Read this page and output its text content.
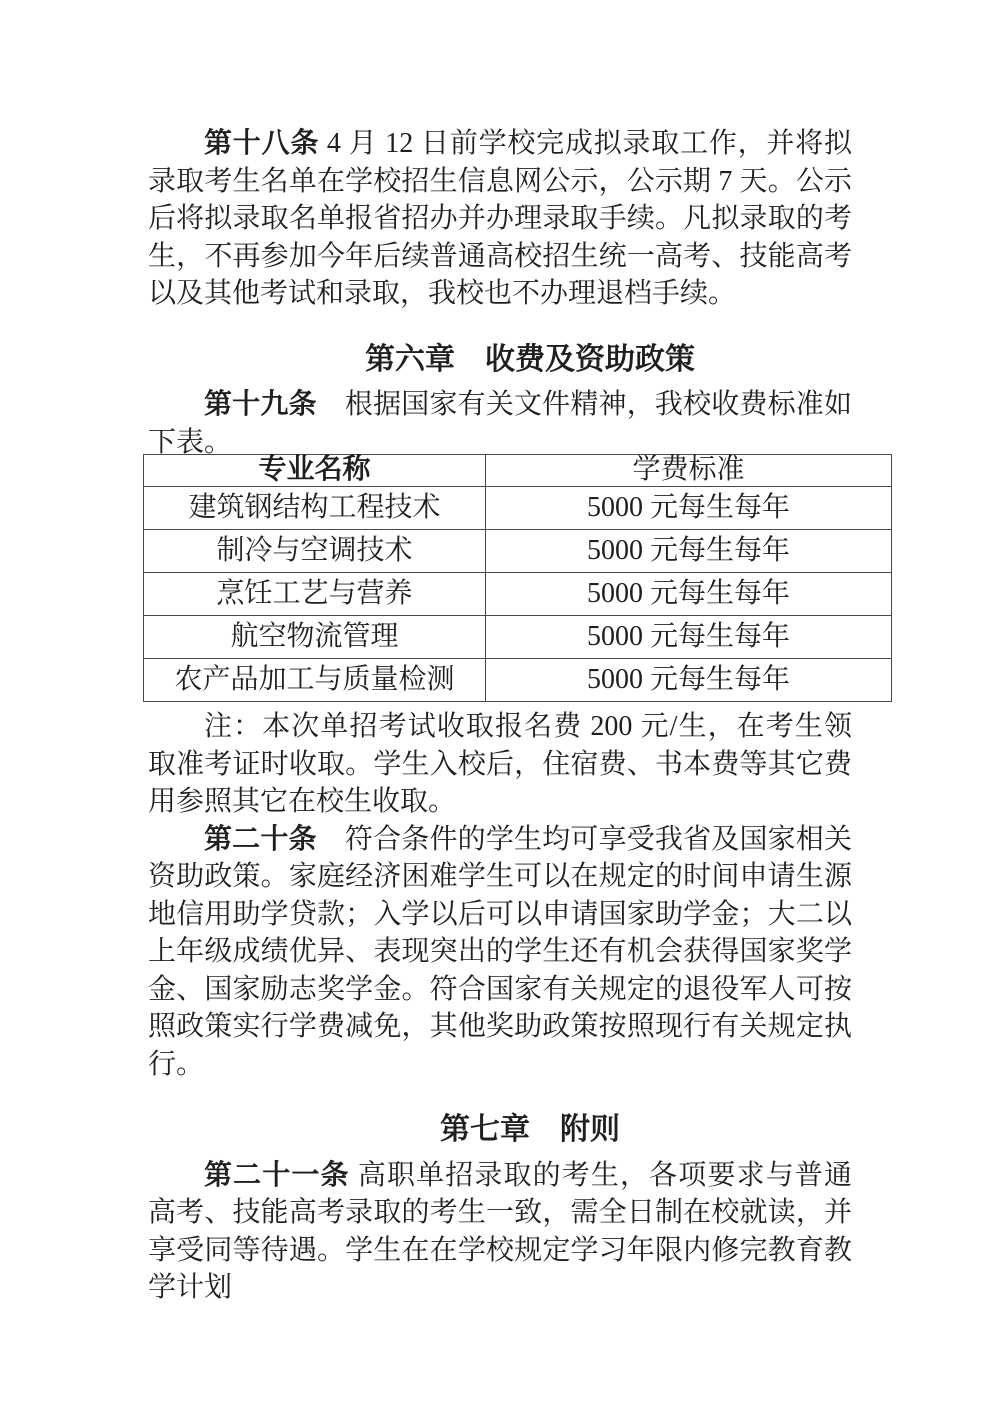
第十八条 4 月 12 日前学校完成拟录取工作，并将拟录取考生名单在学校招生信息网公示，公示期 7 天。公示后将拟录取名单报省招办并办理录取手续。凡拟录取的考生，不再参加今年后续普通高校招生统一高考、技能高考以及其他考试和录取，我校也不办理退档手续。

第六章　收费及资助政策

第十九条　根据国家有关文件精神，我校收费标准如下表。

专业名称	学费标准
建筑钢结构工程技术	5000 元每生每年
制冷与空调技术	5000 元每生每年
烹饪工艺与营养	5000 元每生每年
航空物流管理	5000 元每生每年
农产品加工与质量检测	5000 元每生每年

注：本次单招考试收取报名费 200 元/生，在考生领取准考证时收取。学生入校后，住宿费、书本费等其它费用参照其它在校生收取。

第二十条　符合条件的学生均可享受我省及国家相关资助政策。家庭经济困难学生可以在规定的时间申请生源地信用助学贷款；入学以后可以申请国家助学金；大二以上年级成绩优异、表现突出的学生还有机会获得国家奖学金、国家励志奖学金。符合国家有关规定的退役军人可按照政策实行学费减免，其他奖助政策按照现行有关规定执行。

第七章　附则

第二十一条 高职单招录取的考生，各项要求与普通高考、技能高考录取的考生一致，需全日制在校就读，并享受同等待遇。学生在在学校规定学习年限内修完教育教学计划
